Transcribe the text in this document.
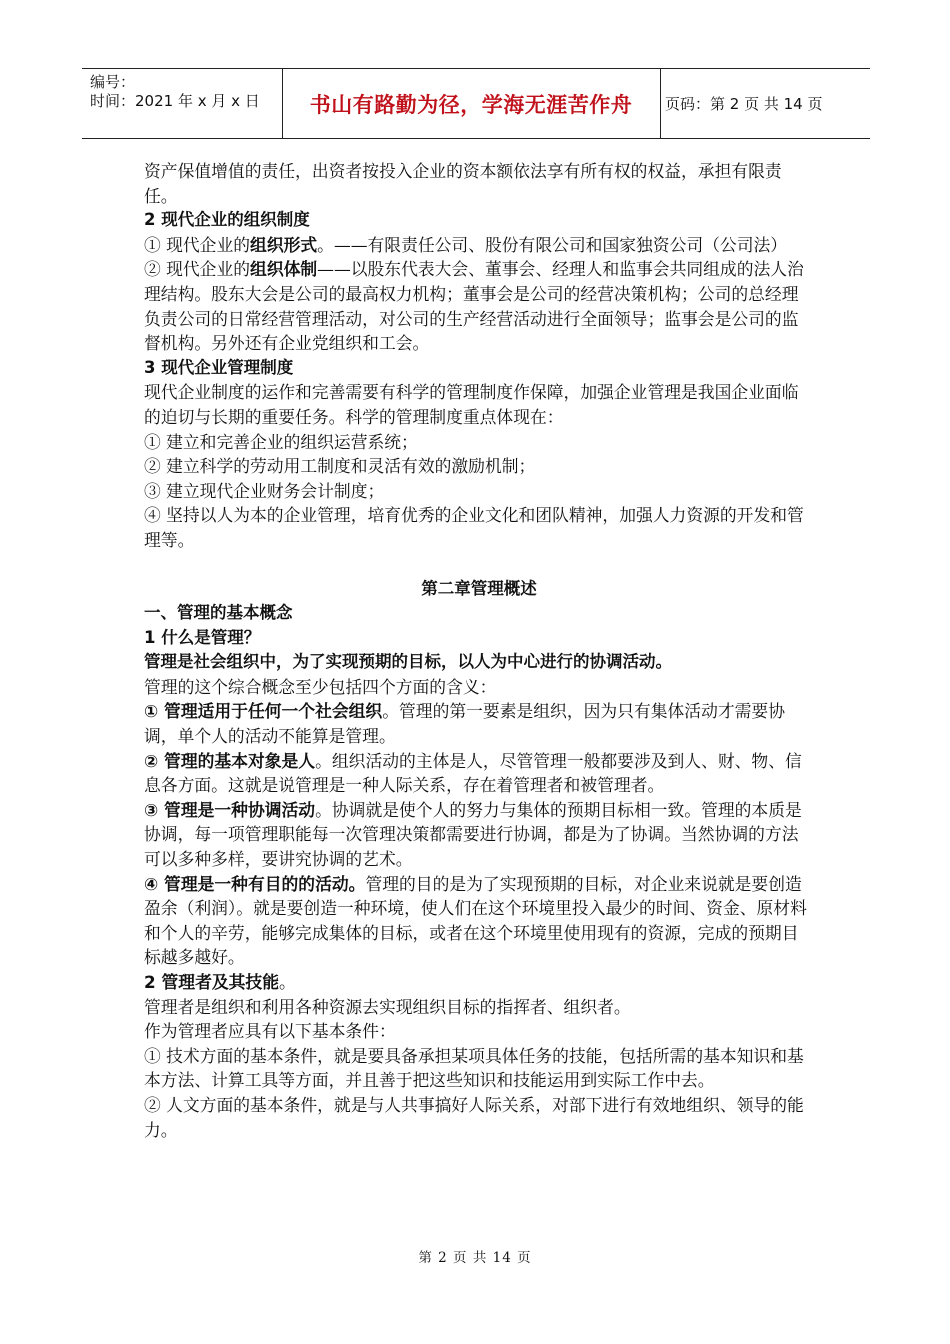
编号：
时间：2021 年 x 月 x 日	书山有路勤为径，学海无涯苦作舟	页码：第 2 页 共 14 页

资产保值增值的责任，出资者按投入企业的资本额依法享有所有权的权益，承担有限责任。

2 现代企业的组织制度

① 现代企业的组织形式。——有限责任公司、股份有限公司和国家独资公司（公司法）

② 现代企业的组织体制——以股东代表大会、董事会、经理人和监事会共同组成的法人治理结构。股东大会是公司的最高权力机构；董事会是公司的经营决策机构；公司的总经理负责公司的日常经营管理活动，对公司的生产经营活动进行全面领导；监事会是公司的监督机构。另外还有企业党组织和工会。

3 现代企业管理制度

现代企业制度的运作和完善需要有科学的管理制度作保障，加强企业管理是我国企业面临的迫切与长期的重要任务。科学的管理制度重点体现在：

① 建立和完善企业的组织运营系统；

② 建立科学的劳动用工制度和灵活有效的激励机制；

③ 建立现代企业财务会计制度；

④ 坚持以人为本的企业管理，培育优秀的企业文化和团队精神，加强人力资源的开发和管理等。

第二章管理概述

一、管理的基本概念

1 什么是管理？

管理是社会组织中，为了实现预期的目标，以人为中心进行的协调活动。

管理的这个综合概念至少包括四个方面的含义：

① 管理适用于任何一个社会组织。管理的第一要素是组织，因为只有集体活动才需要协调，单个人的活动不能算是管理。

② 管理的基本对象是人。组织活动的主体是人，尽管管理一般都要涉及到人、财、物、信息各方面。这就是说管理是一种人际关系，存在着管理者和被管理者。

③ 管理是一种协调活动。协调就是使个人的努力与集体的预期目标相一致。管理的本质是协调，每一项管理职能每一次管理决策都需要进行协调，都是为了协调。当然协调的方法可以多种多样，要讲究协调的艺术。

④ 管理是一种有目的的活动。管理的目的是为了实现预期的目标，对企业来说就是要创造盈余（利润）。就是要创造一种环境，使人们在这个环境里投入最少的时间、资金、原材料和个人的辛劳，能够完成集体的目标，或者在这个环境里使用现有的资源，完成的预期目标越多越好。

2 管理者及其技能。

管理者是组织和利用各种资源去实现组织目标的指挥者、组织者。

作为管理者应具有以下基本条件：

① 技术方面的基本条件，就是要具备承担某项具体任务的技能，包括所需的基本知识和基本方法、计算工具等方面，并且善于把这些知识和技能运用到实际工作中去。

② 人文方面的基本条件，就是与人共事搞好人际关系，对部下进行有效地组织、领导的能力。

第 2 页 共 14 页
